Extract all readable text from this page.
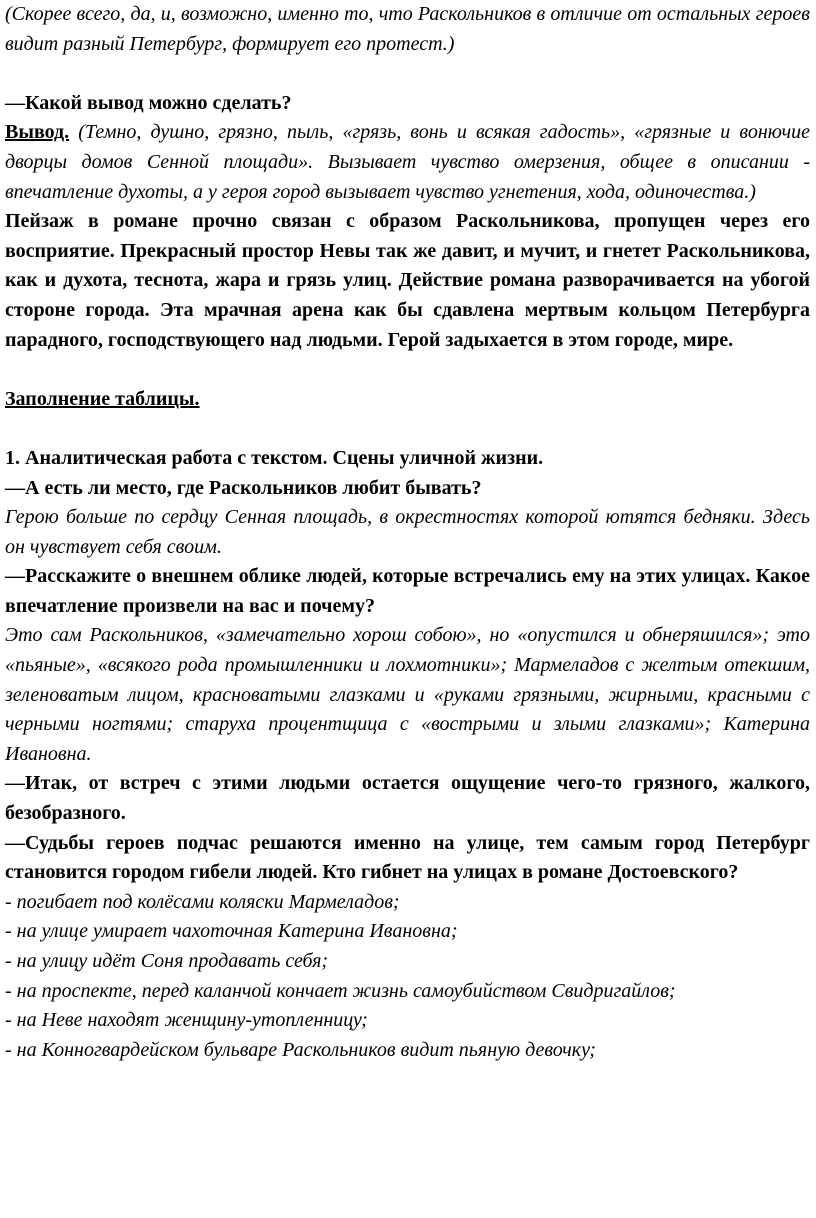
(Скорее всего, да, и, возможно, именно то, что Раскольников в отличие от остальных героев видит разный Петербург, формирует его протест.)

—Какой вывод можно сделать?

Вывод. (Темно, душно, грязно, пыль, «грязь, вонь и всякая гадость», «грязные и вонючие дворцы домов Сенной площади». Вызывает чувство омерзения, общее в описании - впечатление духоты, а у героя город вызывает чувство угнетения, хода, одиночества.)

Пейзаж в романе прочно связан с образом Раскольникова, пропущен через его восприятие. Прекрасный простор Невы так же давит, и мучит, и гнетет Раскольникова, как и духота, теснота, жара и грязь улиц. Действие романа разворачивается на убогой стороне города. Эта мрачная арена как бы сдавлена мертвым кольцом Петербурга парадного, господствующего над людьми. Герой задыхается в этом городе, мире.

Заполнение таблицы.

1. Аналитическая работа с текстом. Сцены уличной жизни.

—А есть ли место, где Раскольников любит бывать?

Герою больше по сердцу Сенная площадь, в окрестностях которой ютятся бедняки. Здесь он чувствует себя своим.

—Расскажите о внешнем облике людей, которые встречались ему на этих улицах. Какое впечатление произвели на вас и почему?

Это сам Раскольников, «замечательно хорош собою», но «опустился и обнеряшился»; это «пьяные», «всякого рода промышленники и лохмотники»; Мармеладов с желтым отекшим, зеленоватым лицом, красноватыми глазками и «руками грязными, жирными, красными с черными ногтями; старуха процентщица с «вострыми и злыми глазками»; Катерина Ивановна.

—Итак, от встреч с этими людьми остается ощущение чего-то грязного, жалкого, безобразного.

—Судьбы героев подчас решаются именно на улице, тем самым город Петербург становится городом гибели людей. Кто гибнет на улицах в романе Достоевского?

- погибает под колёсами коляски Мармеладов;

- на улице умирает чахоточная Катерина Ивановна;

- на улицу идёт Соня продавать себя;

- на проспекте, перед каланчой кончает жизнь самоубийством Свидригайлов;

- на Неве находят женщину-утопленницу;

- на Конногвардейском бульваре Раскольников видит пьяную девочку;
